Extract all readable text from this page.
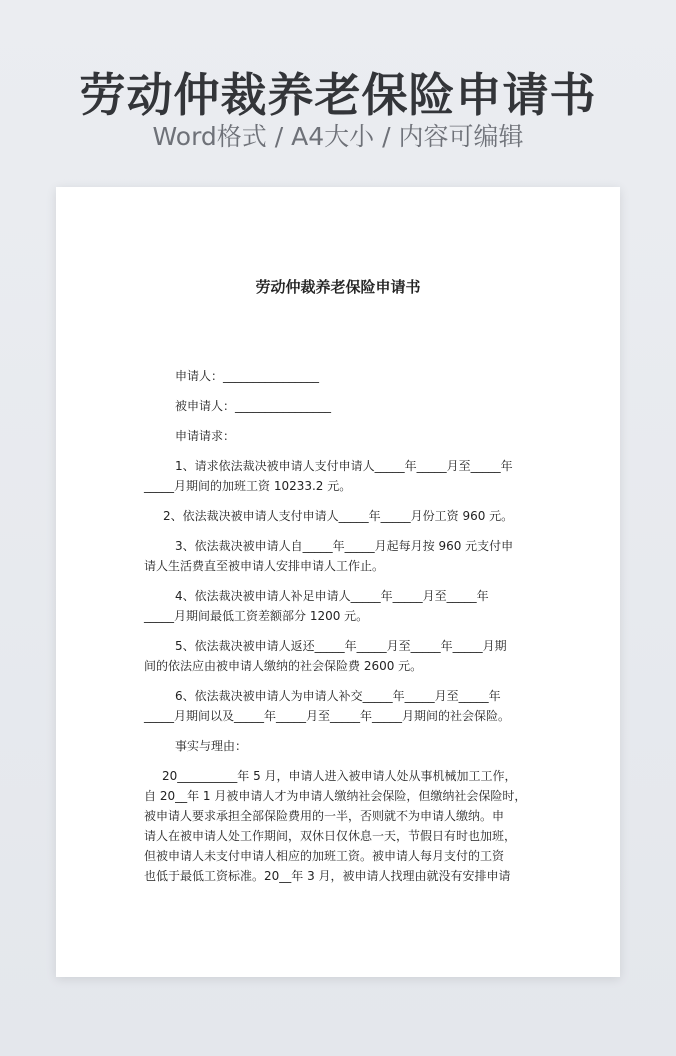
劳动仲裁养老保险申请书
Word格式 / A4大小 / 内容可编辑
劳动仲裁养老保险申请书
申请人：________________
被申请人：________________
申请请求：
1、请求依法裁决被申请人支付申请人_____年_____月至_____年
_____月期间的加班工资 10233.2 元。
2、依法裁决被申请人支付申请人_____年_____月份工资 960 元。
3、依法裁决被申请人自_____年_____月起每月按 960 元支付申
请人生活费直至被申请人安排申请人工作止。
4、依法裁决被申请人补足申请人_____年_____月至_____年
_____月期间最低工资差额部分 1200 元。
5、依法裁决被申请人返还_____年_____月至_____年_____月期
间的依法应由被申请人缴纳的社会保险费 2600 元。
6、依法裁决被申请人为申请人补交_____年_____月至_____年
_____月期间以及_____年_____月至_____年_____月期间的社会保险。
事实与理由：
20__________年 5 月，申请人进入被申请人处从事机械加工工作，
自 20__年 1 月被申请人才为申请人缴纳社会保险，但缴纳社会保险时，
被申请人要求承担全部保险费用的一半，否则就不为申请人缴纳。申
请人在被申请人处工作期间，双休日仅休息一天，节假日有时也加班，
但被申请人未支付申请人相应的加班工资。被申请人每月支付的工资
也低于最低工资标准。20__年 3 月，被申请人找理由就没有安排申请
